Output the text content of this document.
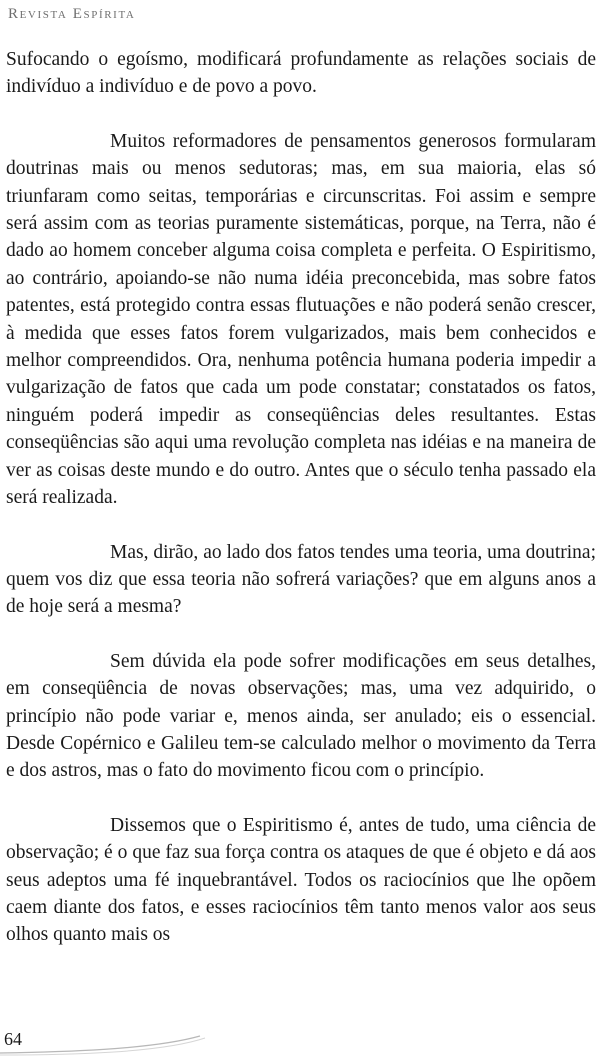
Revista Espírita

Sufocando o egoísmo, modificará profundamente as relações sociais de indivíduo a indivíduo e de povo a povo.

Muitos reformadores de pensamentos generosos formularam doutrinas mais ou menos sedutoras; mas, em sua maioria, elas só triunfaram como seitas, temporárias e circunscritas. Foi assim e sempre será assim com as teorias puramente sistemáticas, porque, na Terra, não é dado ao homem conceber alguma coisa completa e perfeita. O Espiritismo, ao contrário, apoiando-se não numa idéia preconcebida, mas sobre fatos patentes, está protegido contra essas flutuações e não poderá senão crescer, à medida que esses fatos forem vulgarizados, mais bem conhecidos e melhor compreendidos. Ora, nenhuma potência humana poderia impedir a vulgarização de fatos que cada um pode constatar; constatados os fatos, ninguém poderá impedir as conseqüências deles resultantes. Estas conseqüências são aqui uma revolução completa nas idéias e na maneira de ver as coisas deste mundo e do outro. Antes que o século tenha passado ela será realizada.

Mas, dirão, ao lado dos fatos tendes uma teoria, uma doutrina; quem vos diz que essa teoria não sofrerá variações? que em alguns anos a de hoje será a mesma?

Sem dúvida ela pode sofrer modificações em seus detalhes, em conseqüência de novas observações; mas, uma vez adquirido, o princípio não pode variar e, menos ainda, ser anulado; eis o essencial. Desde Copérnico e Galileu tem-se calculado melhor o movimento da Terra e dos astros, mas o fato do movimento ficou com o princípio.

Dissemos que o Espiritismo é, antes de tudo, uma ciência de observação; é o que faz sua força contra os ataques de que é objeto e dá aos seus adeptos uma fé inquebrantável. Todos os raciocínios que lhe opõem caem diante dos fatos, e esses raciocínios têm tanto menos valor aos seus olhos quanto mais os

64
